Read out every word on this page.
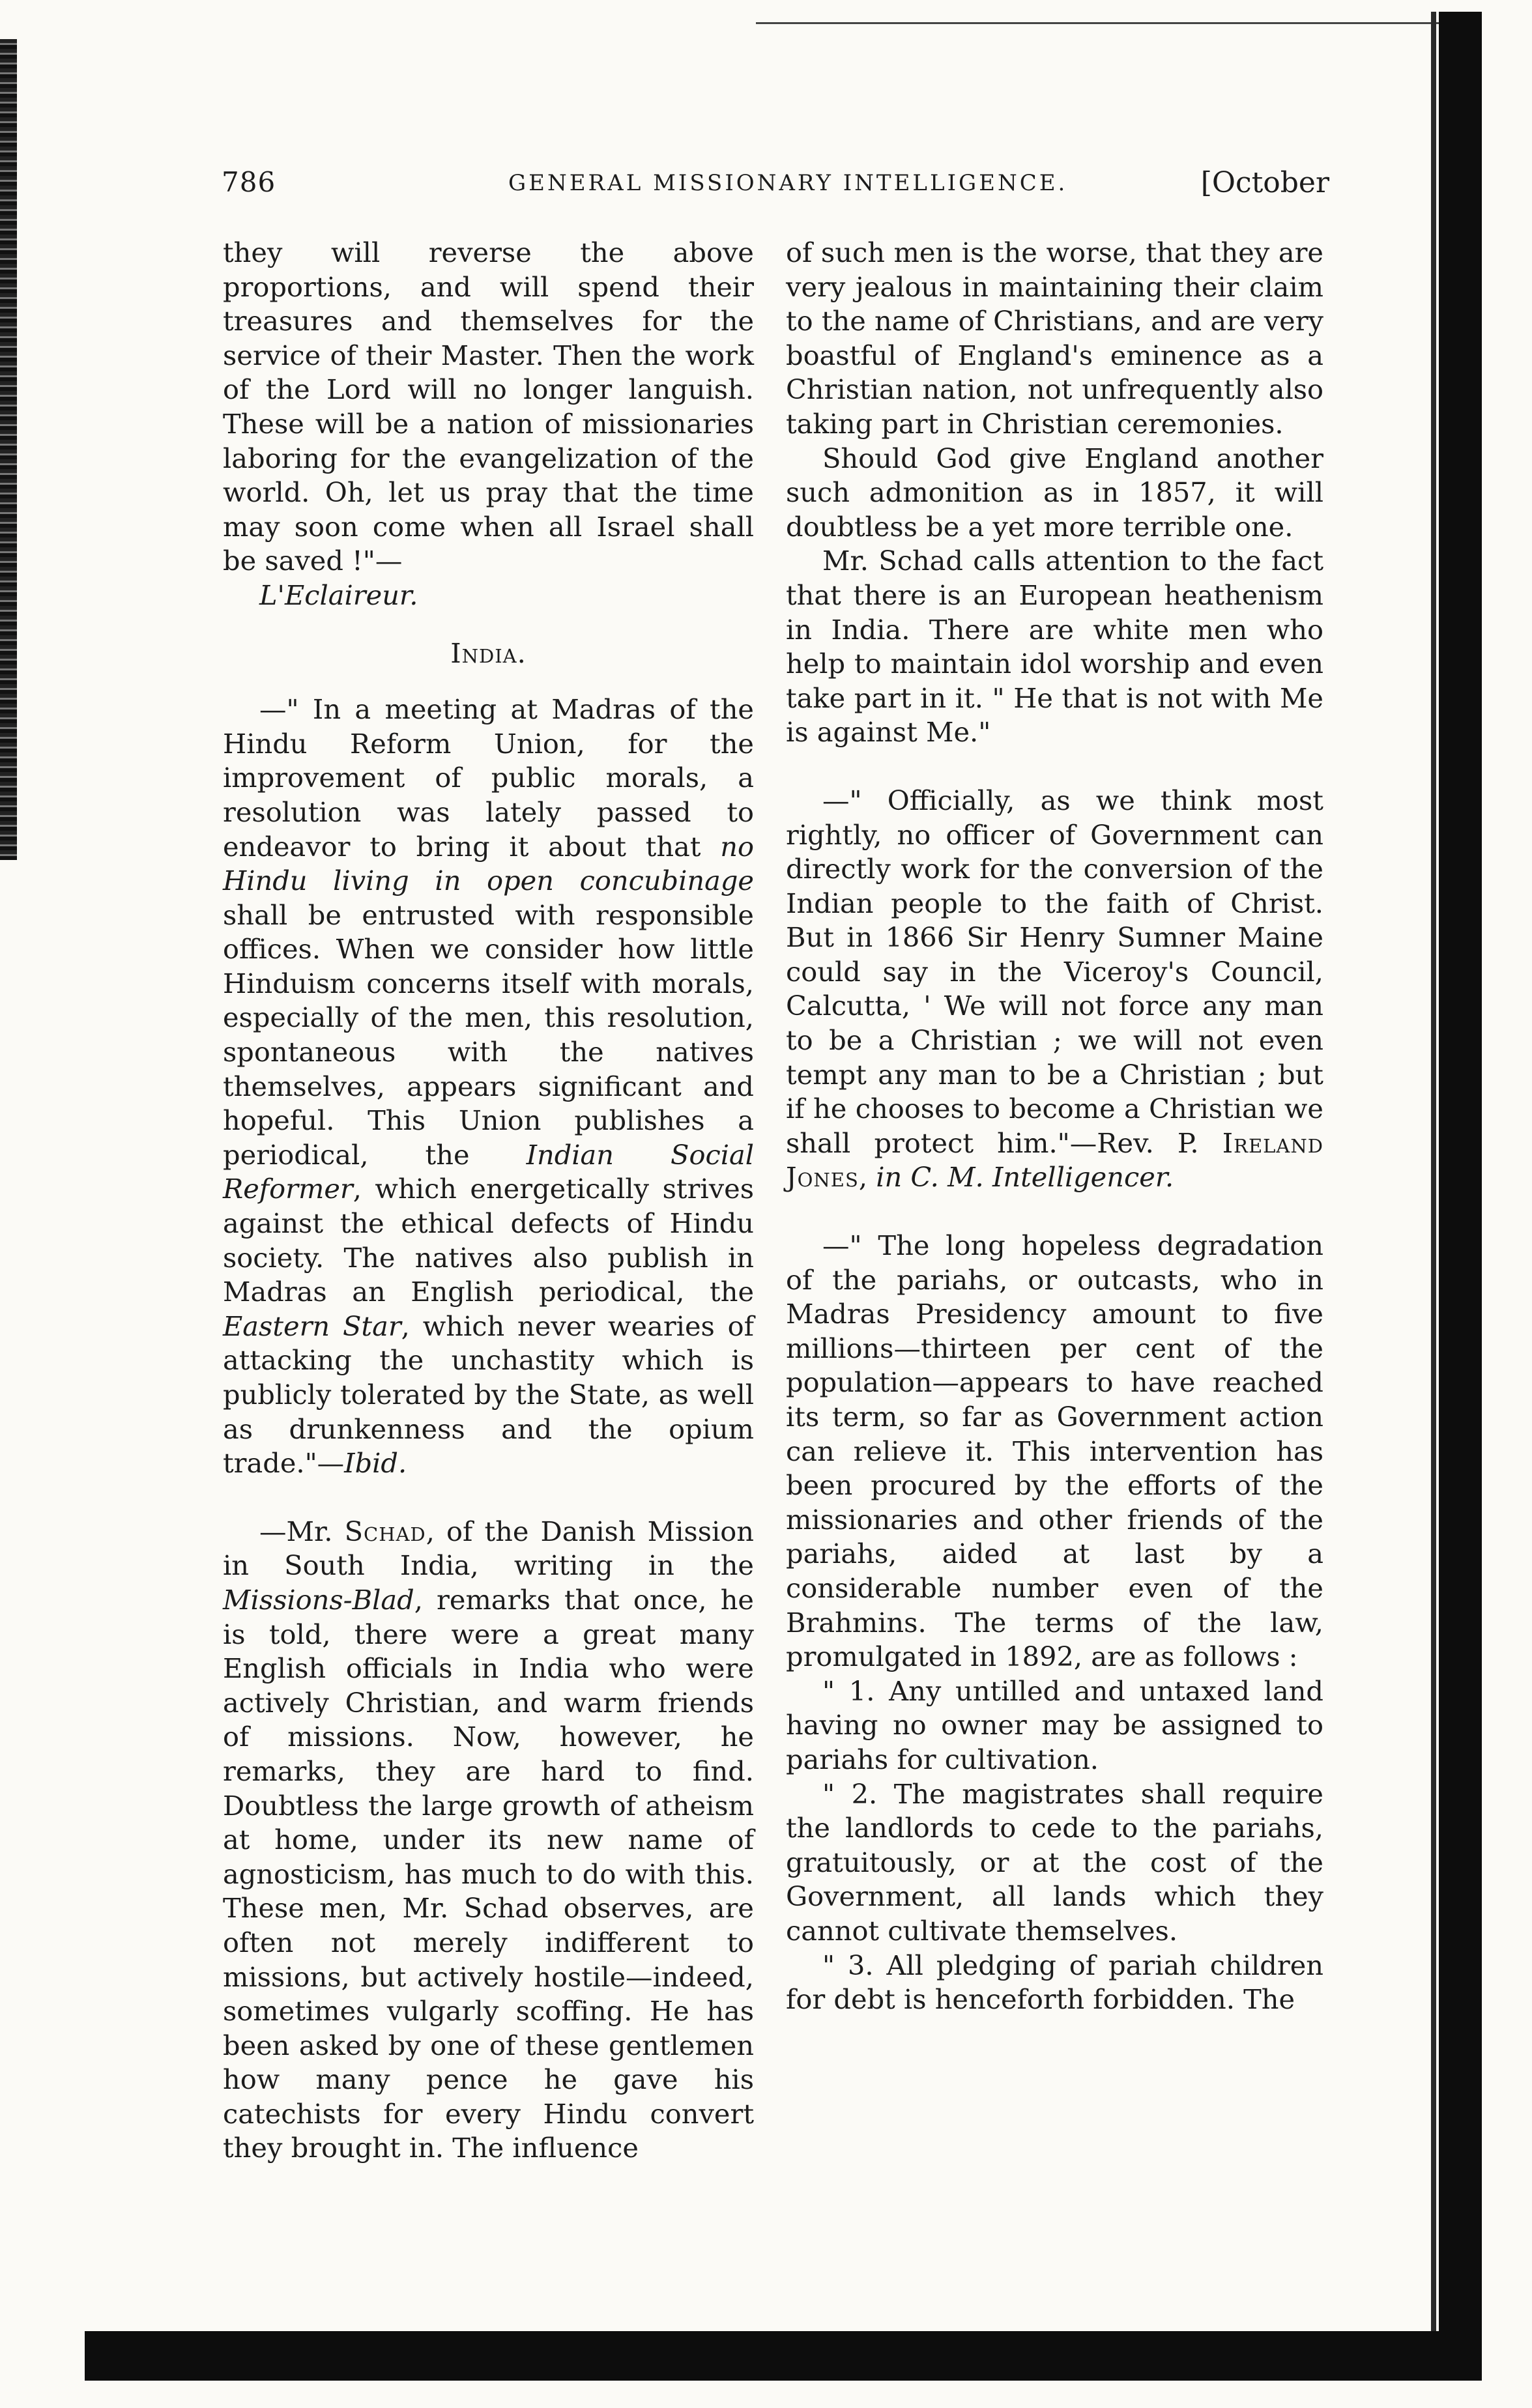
786	GENERAL MISSIONARY INTELLIGENCE.	[October

they will reverse the above proportions, and will spend their treasures and themselves for the service of their Master. Then the work of the Lord will no longer languish. These will be a nation of missionaries laboring for the evangelization of the world. Oh, let us pray that the time may soon come when all Israel shall be saved !"—

L'Eclaireur.

India.

—" In a meeting at Madras of the Hindu Reform Union, for the improvement of public morals, a resolution was lately passed to endeavor to bring it about that no Hindu living in open concubinage shall be entrusted with responsible offices. When we consider how little Hinduism concerns itself with morals, especially of the men, this resolution, spontaneous with the natives themselves, appears significant and hopeful. This Union publishes a periodical, the Indian Social Reformer, which energetically strives against the ethical defects of Hindu society. The natives also publish in Madras an English periodical, the Eastern Star, which never wearies of attacking the unchastity which is publicly tolerated by the State, as well as drunkenness and the opium trade."—Ibid.

—Mr. Schad, of the Danish Mission in South India, writing in the Missions-Blad, remarks that once, he is told, there were a great many English officials in India who were actively Christian, and warm friends of missions. Now, however, he remarks, they are hard to find. Doubtless the large growth of atheism at home, under its new name of agnosticism, has much to do with this. These men, Mr. Schad observes, are often not merely indifferent to missions, but actively hostile—indeed, sometimes vulgarly scoffing. He has been asked by one of these gentlemen how many pence he gave his catechists for every Hindu convert they brought in. The influence

of such men is the worse, that they are very jealous in maintaining their claim to the name of Christians, and are very boastful of England's eminence as a Christian nation, not unfrequently also taking part in Christian ceremonies.

Should God give England another such admonition as in 1857, it will doubtless be a yet more terrible one.

Mr. Schad calls attention to the fact that there is an European heathenism in India. There are white men who help to maintain idol worship and even take part in it. " He that is not with Me is against Me."

—" Officially, as we think most rightly, no officer of Government can directly work for the conversion of the Indian people to the faith of Christ. But in 1866 Sir Henry Sumner Maine could say in the Viceroy's Council, Calcutta, ' We will not force any man to be a Christian ; we will not even tempt any man to be a Christian ; but if he chooses to become a Christian we shall protect him."—Rev. P. Ireland Jones, in C. M. Intelligencer.

—" The long hopeless degradation of the pariahs, or outcasts, who in Madras Presidency amount to five millions—thirteen per cent of the population—appears to have reached its term, so far as Government action can relieve it. This intervention has been procured by the efforts of the missionaries and other friends of the pariahs, aided at last by a considerable number even of the Brahmins. The terms of the law, promulgated in 1892, are as follows :

" 1. Any untilled and untaxed land having no owner may be assigned to pariahs for cultivation.

" 2. The magistrates shall require the landlords to cede to the pariahs, gratuitously, or at the cost of the Government, all lands which they cannot cultivate themselves.

" 3. All pledging of pariah children for debt is henceforth forbidden. The
